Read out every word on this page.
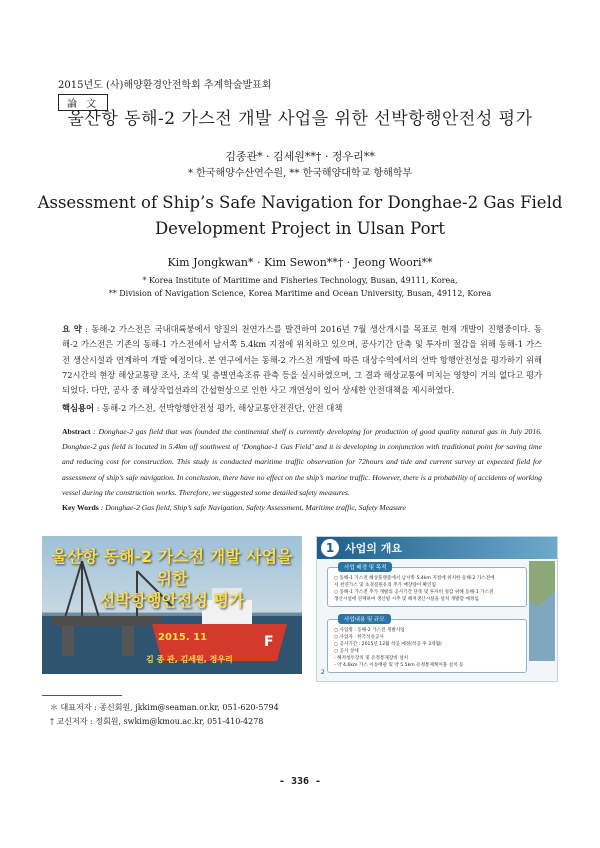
2015년도 (사)해양환경안전학회 추계학술발표회
論 文
울산항 동해-2 가스전 개발 사업을 위한 선박항행안전성 평가
김종관* · 김세원**† · 정우리**
* 한국해양수산연수원, ** 한국해양대학교 항해학부
Assessment of Ship’s Safe Navigation for Donghae-2 Gas Field
Development Project in Ulsan Port
Kim Jongkwan* · Kim Sewon**† · Jeong Woori**
* Korea Institute of Maritime and Fisheries Technology, Busan, 49111, Korea,
** Division of Navigation Science, Korea Maritime and Ocean University, Busan, 49112, Korea
요 약 : 동해-2 가스전은 국내대륙붕에서 양질의 천연가스를 발견하여 2016년 7월 생산개시를 목표로 현재 개발이 진행중이다. 동해-2 가스전은 기존의 동해-1 가스전에서 남서쪽 5.4km 지점에 위치하고 있으며, 공사기간 단축 및 투자비 절감을 위해 동해-1 가스전 생산시설과 연계하여 개발 예정이다. 본 연구에서는 동해-2 가스전 개발에 따른 대상수역에서의 선박 항행안전성을 평가하기 위해 72시간의 현장 해상교통량 조사, 조석 및 층별연속조류 관측 등을 실시하였으며, 그 결과 해상교통에 미치는 영향이 거의 없다고 평가되었다. 다만, 공사 중 해상작업선과의 간섭현상으로 인한 사고 개연성이 있어 상세한 안전대책을 제시하였다.
핵심용어 : 동해-2 가스전, 선박항행안전성 평가, 해상교통안전진단, 안전 대책
Abstract : Donghae-2 gas field that was founded the continental shelf is currently developing for production of good quality natural gas in July 2016. Donghae-2 gas field is located in 5.4km off southwest of ‘Donghae-1 Gas Field’ and it is developing in conjunction with traditional point for saving time and reducing cost for construction. This study is conducted maritime traffic observation for 72hours and tide and current survey at expected field for assessment of ship’s safe navigation. In conclusion, there have no effect on the ship’s marine traffic. However, there is a probability of accidents of working vessel during the construction works. Therefore, we suggested some detailed safety measures.
Key Words : Donghae-2 Gas field, Ship’s safe Navigation, Safety Assessment, Maritime traffic, Safety Measure
F
울산항 동해-2 가스전 개발 사업을 위한
선박항행안전성 평가
2015. 11
김 종 관, 김세원, 정우리
1 사업의 개요
사업 배경 및 목적
○ 동해-1 가스전 해상플랫폼에서 남서쪽 5.4km 지점에 위치한 동해-2 가스전에
서 천연가스 및 초경질원유의 추가 매장량이 확인됨
○ 동해-1 가스전 추가 개발의 공사기간 단축 및 투자비 절감 위해 동해-1 가스전
생산시설에 연계하여 생산될 시추 및 해저생산시설을 설치 개발할 예정임
사업내용 및 규모
○ 사업명 : 동해-2 가스전 개발사업
○ 사업자 : 한국석유공사
○ 공사기간 : 2015년 12월 착공 예정(착공 후 3개월)
○ 공사 상세
- 해저청두장치 및 유정통제장비 설치
- 약 4.6km 가스 이송배관 및 약 5.5km 유정통제케이블 설치 등
2
＊ 대표저자 : 종신회원, jkkim@seaman.or.kr, 051-620-5794
† 교신저자 : 정회원, swkim@kmou.ac.kr, 051-410-4278
- 336 -
